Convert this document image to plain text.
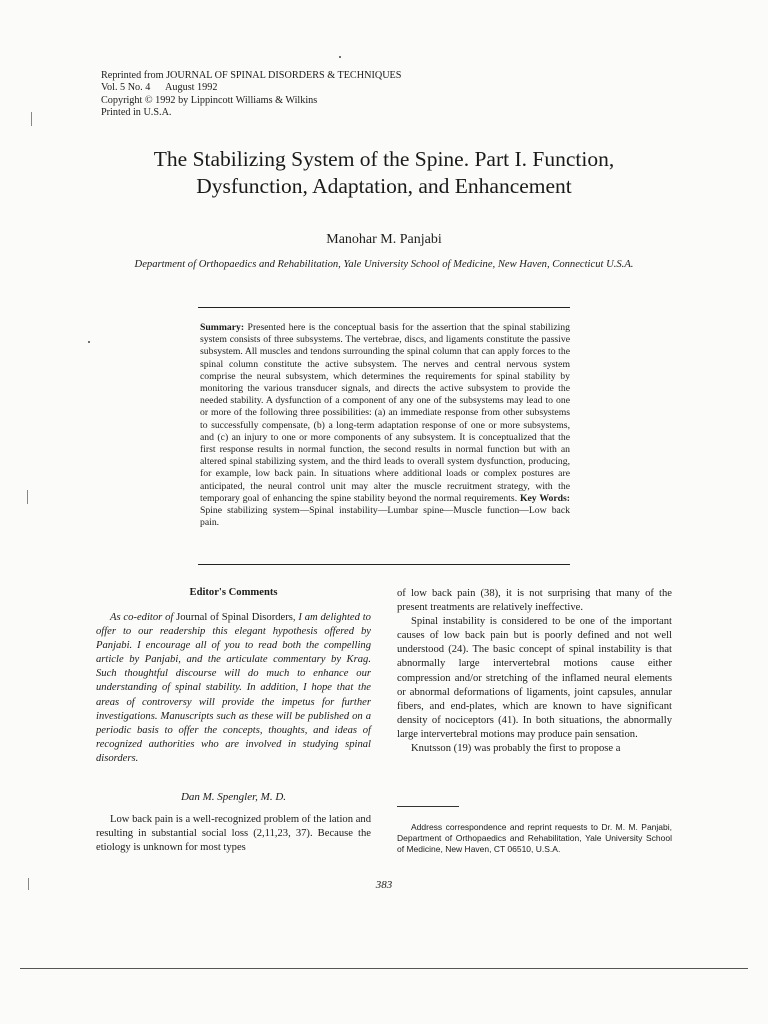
Reprinted from JOURNAL OF SPINAL DISORDERS & TECHNIQUES
Vol. 5 No. 4      August 1992
Copyright © 1992 by Lippincott Williams & Wilkins
Printed in U.S.A.
The Stabilizing System of the Spine. Part I. Function,
Dysfunction, Adaptation, and Enhancement
Manohar M. Panjabi
Department of Orthopaedics and Rehabilitation, Yale University School of Medicine, New Haven, Connecticut U.S.A.
Summary: Presented here is the conceptual basis for the assertion that the spinal stabilizing system consists of three subsystems. The vertebrae, discs, and ligaments constitute the passive subsystem. All muscles and tendons surrounding the spinal column that can apply forces to the spinal column constitute the active subsystem. The nerves and central nervous system comprise the neural subsystem, which determines the requirements for spinal stability by monitoring the various transducer signals, and directs the active subsystem to provide the needed stability. A dysfunction of a component of any one of the subsystems may lead to one or more of the following three possibilities: (a) an immediate response from other subsystems to successfully compensate, (b) a long-term adaptation response of one or more subsystems, and (c) an injury to one or more components of any subsystem. It is conceptualized that the first response results in normal function, the second results in normal function but with an altered spinal stabilizing system, and the third leads to overall system dysfunction, producing, for example, low back pain. In situations where additional loads or complex postures are anticipated, the neural control unit may alter the muscle recruitment strategy, with the temporary goal of enhancing the spine stability beyond the normal requirements. Key Words: Spine stabilizing system—Spinal instability—Lumbar spine—Muscle function—Low back pain.
Editor's Comments
As co-editor of Journal of Spinal Disorders, I am delighted to offer to our readership this elegant hypothesis offered by Panjabi. I encourage all of you to read both the compelling article by Panjabi, and the articulate commentary by Krag. Such thoughtful discourse will do much to enhance our understanding of spinal stability. In addition, I hope that the areas of controversy will provide the impetus for further investigations. Manuscripts such as these will be published on a periodic basis to offer the concepts, thoughts, and ideas of recognized authorities who are involved in studying spinal disorders.
Dan M. Spengler, M. D.
Low back pain is a well-recognized problem of the lation and resulting in substantial social loss (2,11,23, 37). Because the etiology is unknown for most types

of low back pain (38), it is not surprising that many of the present treatments are relatively ineffective.

Spinal instability is considered to be one of the important causes of low back pain but is poorly defined and not well understood (24). The basic concept of spinal instability is that abnormally large intervertebral motions cause either compression and/or stretching of the inflamed neural elements or abnormal deformations of ligaments, joint capsules, annular fibers, and end-plates, which are known to have significant density of nociceptors (41). In both situations, the abnormally large intervertebral motions may produce pain sensation.

Knutsson (19) was probably the first to propose a

Address correspondence and reprint requests to Dr. M. M. Panjabi, Department of Orthopaedics and Rehabilitation, Yale University School of Medicine, New Haven, CT 06510, U.S.A.
383
